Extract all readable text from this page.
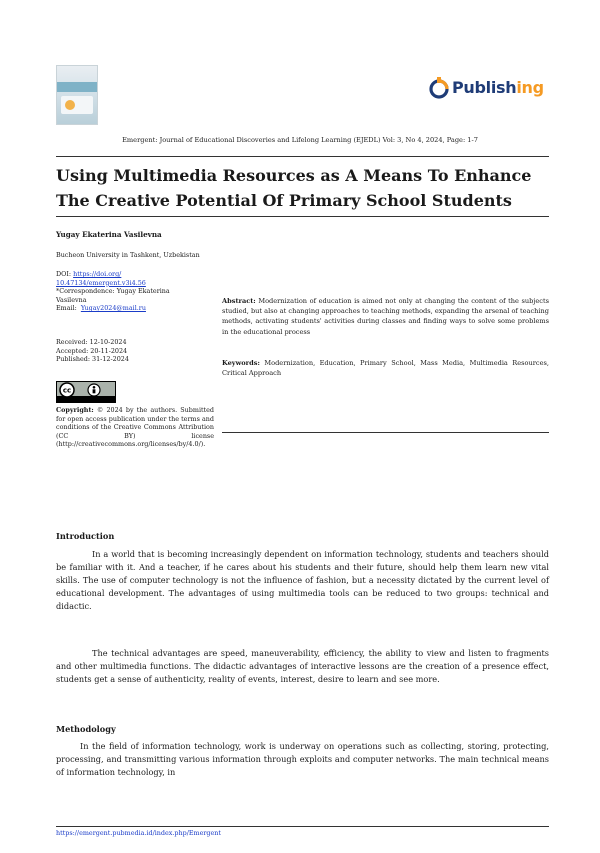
Publishing
Emergent: Journal of Educational Discoveries and Lifelong Learning (EJEDL) Vol: 3, No 4, 2024, Page: 1-7
Using Multimedia Resources as A Means To Enhance The Creative Potential Of Primary School Students
Yugay Ekaterina Vasilevna
Bucheon University in Tashkent, Uzbekistan
DOI: https://doi.org/
10.47134/emergent.v3i4.56
*Correspondence: Yugay Ekaterina
Vasilevna
Email: Yugay2024@mail.ru
Received: 12-10-2024
Accepted: 20-11-2024
Published: 31-12-2024
cc
Copyright: © 2024 by the authors. Submitted for open access publication under the terms and conditions of the Creative Commons Attribution (CC BY) license (http://creativecommons.org/licenses/by/4.0/).
Abstract: Modernization of education is aimed not only at changing the content of the subjects studied, but also at changing approaches to teaching methods, expanding the arsenal of teaching methods, activating students' activities during classes and finding ways to solve some problems in the educational process
Keywords: Modernization, Education, Primary School, Mass Media, Multimedia Resources, Critical Approach
Introduction

In a world that is becoming increasingly dependent on information technology, students and teachers should be familiar with it. And a teacher, if he cares about his students and their future, should help them learn new vital skills. The use of computer technology is not the influence of fashion, but a necessity dictated by the current level of educational development. The advantages of using multimedia tools can be reduced to two groups: technical and didactic.

The technical advantages are speed, maneuverability, efficiency, the ability to view and listen to fragments and other multimedia functions. The didactic advantages of interactive lessons are the creation of a presence effect, students get a sense of authenticity, reality of events, interest, desire to learn and see more.

Methodology

In the field of information technology, work is underway on operations such as collecting, storing, protecting, processing, and transmitting various information through exploits and computer networks. The main technical means of information technology, in

https://emergent.pubmedia.id/index.php/Emergent
